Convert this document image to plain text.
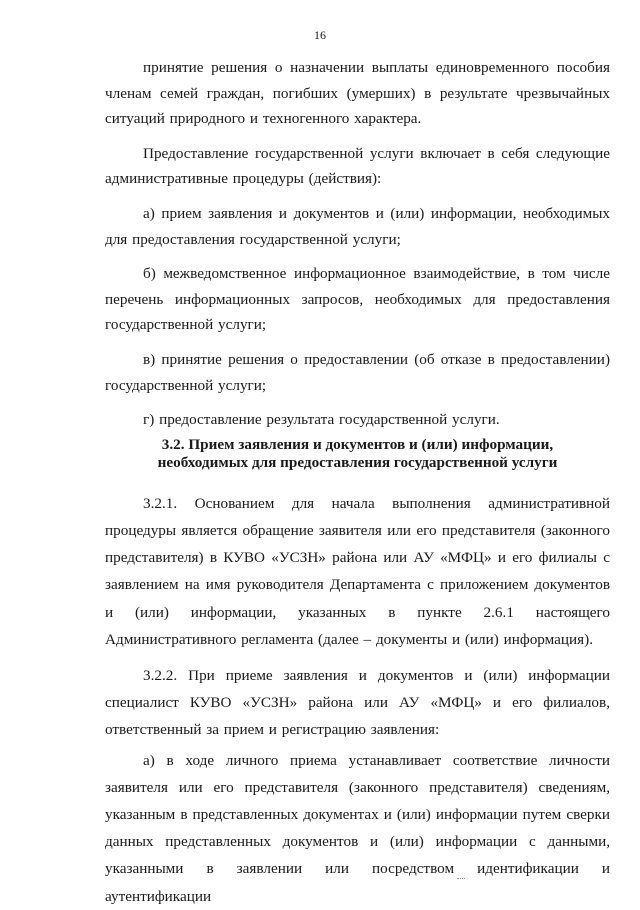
16

принятие решения о назначении выплаты единовременного пособия членам семей граждан, погибших (умерших) в результате чрезвычайных ситуаций природного и техногенного характера.

Предоставление государственной услуги включает в себя следующие административные процедуры (действия):

а) прием заявления и документов и (или) информации, необходимых для предоставления государственной услуги;

б) межведомственное информационное взаимодействие, в том числе перечень информационных запросов, необходимых для предоставления государственной услуги;

в) принятие решения о предоставлении (об отказе в предоставлении) государственной услуги;

г) предоставление результата государственной услуги.

3.2. Прием заявления и документов и (или) информации,
необходимых для предоставления государственной услуги

3.2.1. Основанием для начала выполнения административной процедуры является обращение заявителя или его представителя (законного представителя) в КУВО «УСЗН» района или АУ «МФЦ» и его филиалы с заявлением на имя руководителя Департамента с приложением документов и (или) информации, указанных в пункте 2.6.1 настоящего Административного регламента (далее – документы и (или) информация).

3.2.2. При приеме заявления и документов и (или) информации специалист КУВО «УСЗН» района или АУ «МФЦ» и его филиалов, ответственный за прием и регистрацию заявления:

а) в ходе личного приема устанавливает соответствие личности заявителя или его представителя (законного представителя) сведениям, указанным в представленных документах и (или) информации путем сверки данных представленных документов и (или) информации с данными, указанными в заявлении или посредством идентификации и аутентификации
